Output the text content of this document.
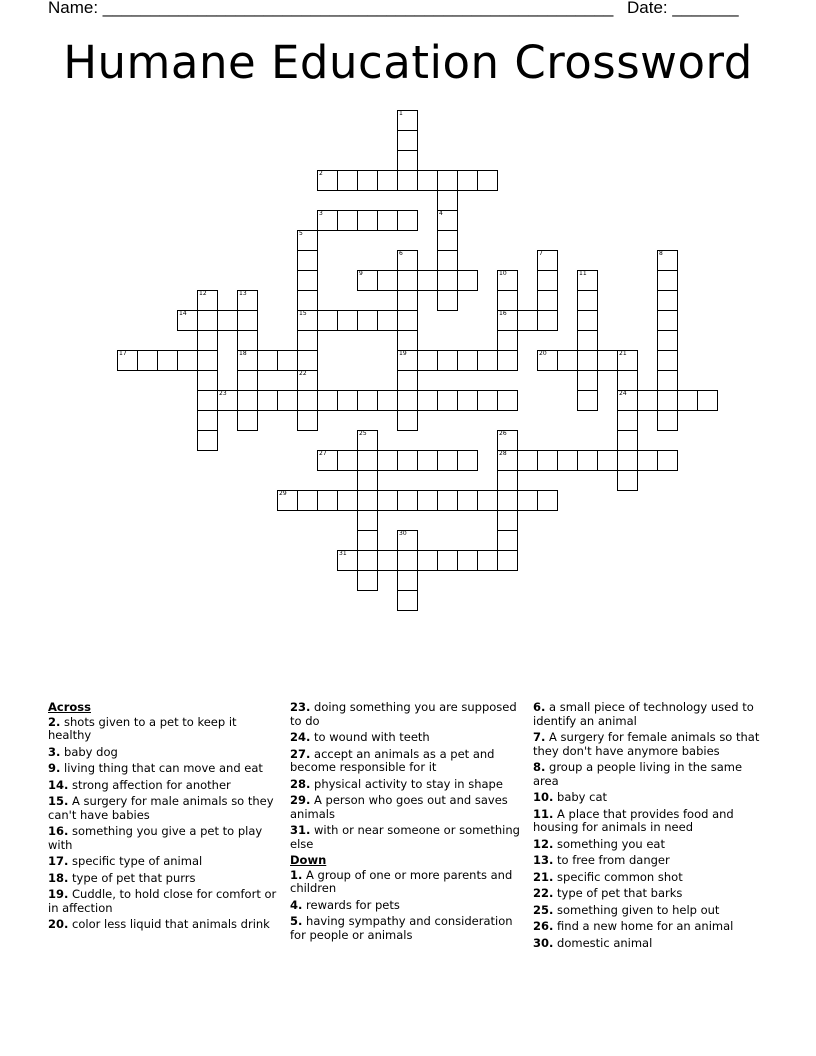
Name: ______________________________________________________ Date: _______
Humane Education Crossword
1
2
3	4
5
15
6
19
9
7	8
10
16
11
12	13
18
14
17	20	21
22
24
23
25	26
28
27
29
30
31
Across
2. shots given to a pet to keep it healthy
3. baby dog
9. living thing that can move and eat
14. strong affection for another
15. A surgery for male animals so they can't have babies
16. something you give a pet to play with
17. specific type of animal
18. type of pet that purrs
19. Cuddle, to hold close for comfort or in affection
20. color less liquid that animals drink
23. doing something you are supposed to do
24. to wound with teeth
27. accept an animals as a pet and become responsible for it
28. physical activity to stay in shape
29. A person who goes out and saves animals
31. with or near someone or something else
Down
1. A group of one or more parents and children
4. rewards for pets
5. having sympathy and consideration for people or animals
6. a small piece of technology used to identify an animal
7. A surgery for female animals so that they don't have anymore babies
8. group a people living in the same area
10. baby cat
11. A place that provides food and housing for animals in need
12. something you eat
13. to free from danger
21. specific common shot
22. type of pet that barks
25. something given to help out
26. find a new home for an animal
30. domestic animal
